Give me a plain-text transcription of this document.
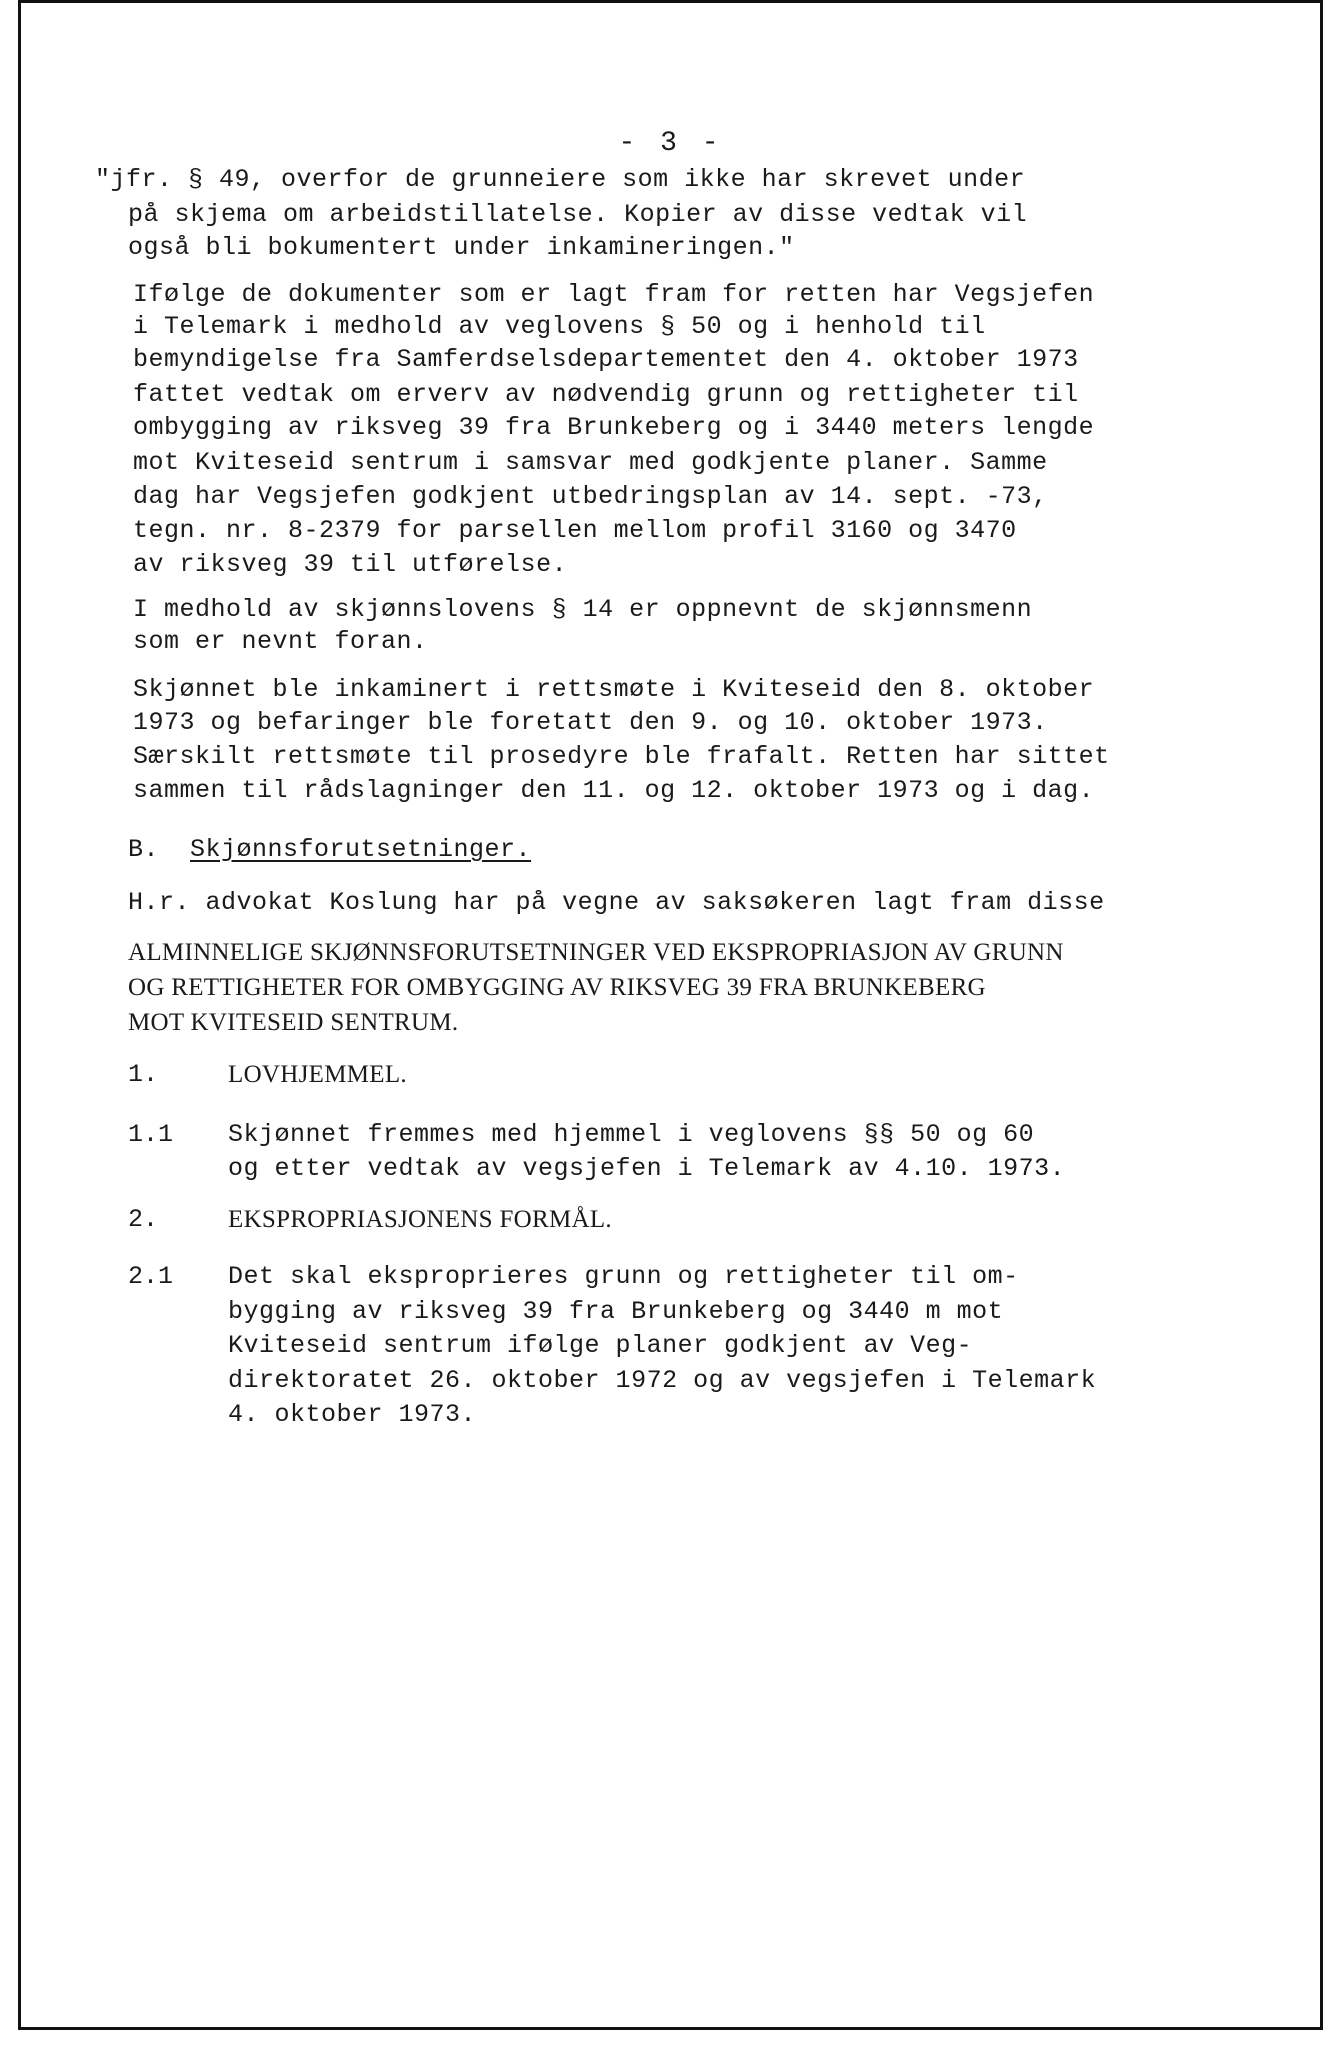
- 3 -
"jfr. § 49, overfor de grunneiere som ikke har skrevet under
på skjema om arbeidstillatelse. Kopier av disse vedtak vil
også bli bokumentert under inkamineringen."
Ifølge de dokumenter som er lagt fram for retten har Vegsjefen
i Telemark i medhold av veglovens § 50 og i henhold til
bemyndigelse fra Samferdselsdepartementet den 4. oktober 1973
fattet vedtak om erverv av nødvendig grunn og rettigheter til
ombygging av riksveg 39 fra Brunkeberg og i 3440 meters lengde
mot Kviteseid sentrum i samsvar med godkjente planer. Samme
dag har Vegsjefen godkjent utbedringsplan av 14. sept. -73,
tegn. nr. 8-2379 for parsellen mellom profil 3160 og 3470
av riksveg 39 til utførelse.
I medhold av skjønnslovens § 14 er oppnevnt de skjønnsmenn
som er nevnt foran.
Skjønnet ble inkaminert i rettsmøte i Kviteseid den 8. oktober
1973 og befaringer ble foretatt den 9. og 10. oktober 1973.
Særskilt rettsmøte til prosedyre ble frafalt. Retten har sittet
sammen til rådslagninger den 11. og 12. oktober 1973 og i dag.
B. Skjønnsforutsetninger.
H.r. advokat Koslung har på vegne av saksøkeren lagt fram disse
ALMINNELIGE SKJØNNSFORUTSETNINGER VED EKSPROPRIASJON AV GRUNN
OG RETTIGHETER FOR OMBYGGING AV RIKSVEG 39 FRA BRUNKEBERG
MOT KVITESEID SENTRUM.
1.	LOVHJEMMEL.
1.1 Skjønnet fremmes med hjemmel i veglovens §§ 50 og 60
og etter vedtak av vegsjefen i Telemark av 4.10. 1973.
2.	EKSPROPRIASJONENS FORMÅL.
2.1 Det skal eksproprieres grunn og rettigheter til om-
bygging av riksveg 39 fra Brunkeberg og 3440 m mot
Kviteseid sentrum ifølge planer godkjent av Veg-
direktoratet 26. oktober 1972 og av vegsjefen i Telemark
4. oktober 1973.
